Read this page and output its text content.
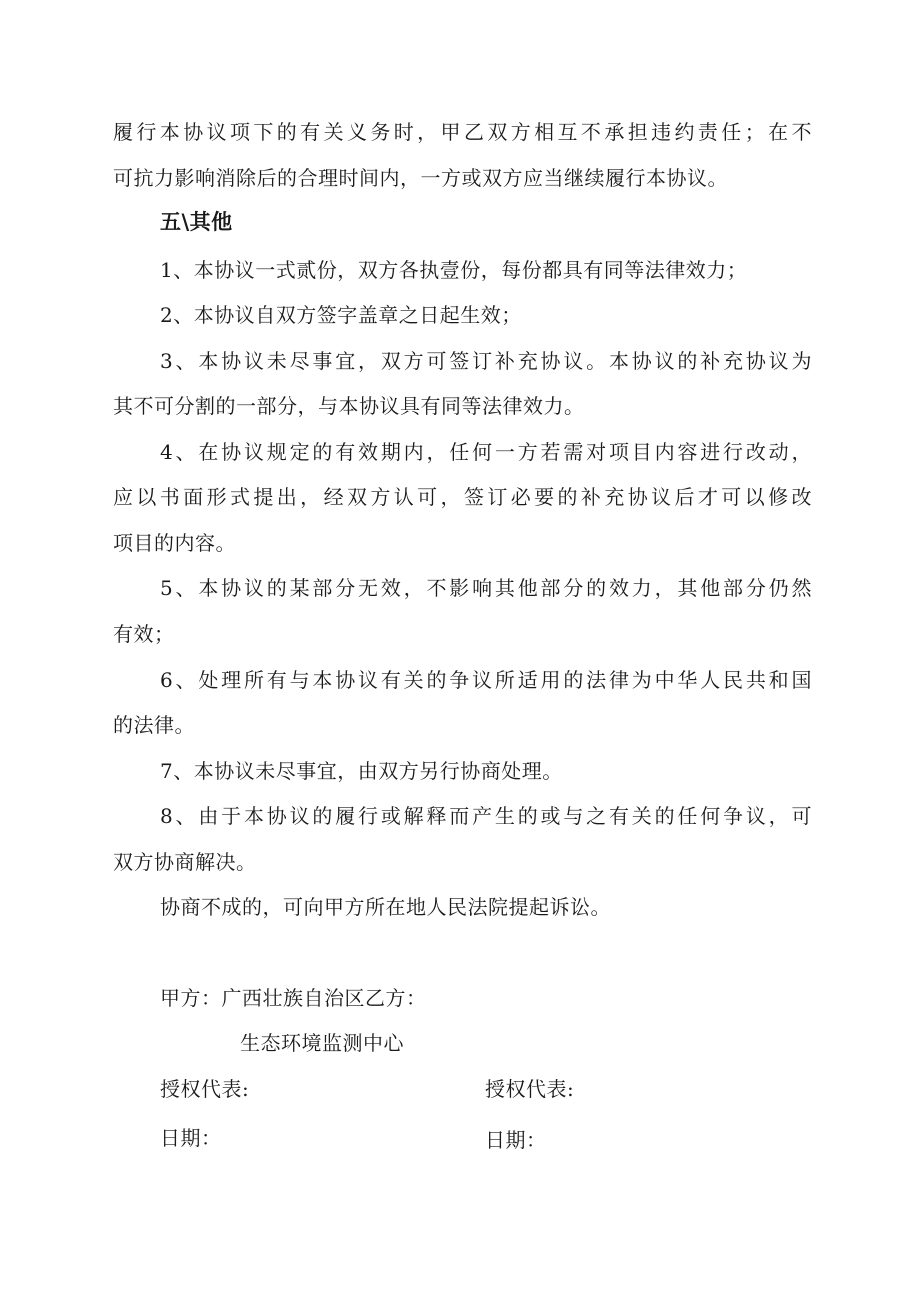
履行本协议项下的有关义务时，甲乙双方相互不承担违约责任；在不
可抗力影响消除后的合理时间内，一方或双方应当继续履行本协议。
五\其他
1、本协议一式贰份，双方各执壹份，每份都具有同等法律效力；
2、本协议自双方签字盖章之日起生效；
3、本协议未尽事宜，双方可签订补充协议。本协议的补充协议为
其不可分割的一部分，与本协议具有同等法律效力。
4、在协议规定的有效期内，任何一方若需对项目内容进行改动，
应以书面形式提出，经双方认可，签订必要的补充协议后才可以修改
项目的内容。
5、本协议的某部分无效，不影响其他部分的效力，其他部分仍然
有效；
6、处理所有与本协议有关的争议所适用的法律为中华人民共和国
的法律。
7、本协议未尽事宜，由双方另行协商处理。
8、由于本协议的履行或解释而产生的或与之有关的任何争议，可
双方协商解决。
协商不成的，可向甲方所在地人民法院提起诉讼。
甲方：广西壮族自治区乙方：
生态环境监测中心
授权代表:	授权代表:
日期：	日期：
